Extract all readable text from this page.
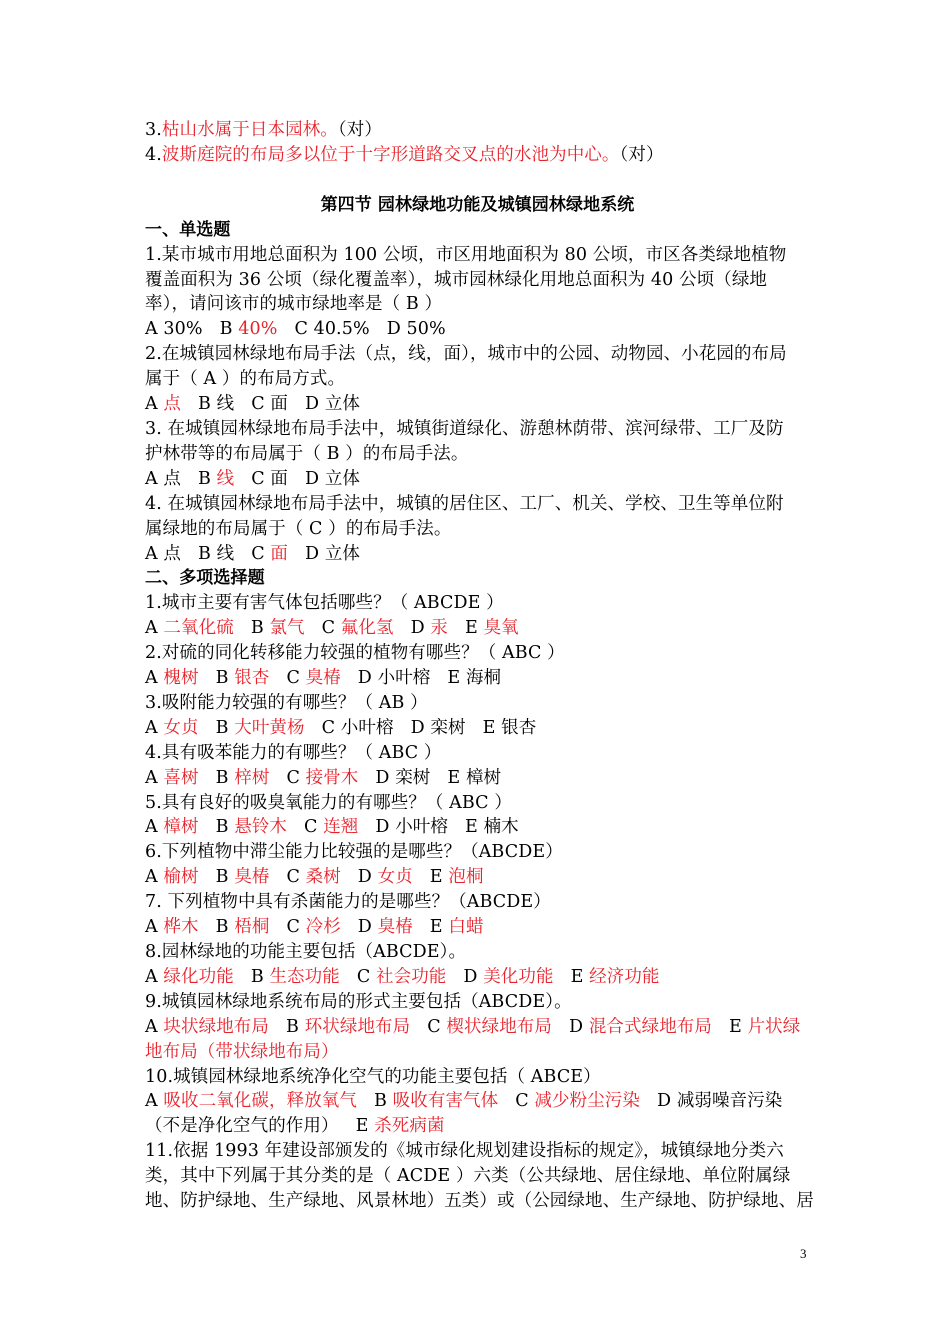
3.枯山水属于日本园林。（对）
4.波斯庭院的布局多以位于十字形道路交叉点的水池为中心。（对）
第四节 园林绿地功能及城镇园林绿地系统
一、单选题
1.某市城市用地总面积为 100 公顷，市区用地面积为 80 公顷，市区各类绿地植物
覆盖面积为 36 公顷（绿化覆盖率），城市园林绿化用地总面积为 40 公顷（绿地
率），请问该市的城市绿地率是（ B ）
A 30% B 40% C 40.5% D 50%
2.在城镇园林绿地布局手法（点，线，面），城市中的公园、动物园、小花园的布局
属于（ A ）的布局方式。
A 点 B 线 C 面 D 立体
3. 在城镇园林绿地布局手法中，城镇街道绿化、游憩林荫带、滨河绿带、工厂及防
护林带等的布局属于（ B ）的布局手法。
A 点 B 线 C 面 D 立体
4. 在城镇园林绿地布局手法中，城镇的居住区、工厂、机关、学校、卫生等单位附
属绿地的布局属于（ C ）的布局手法。
A 点 B 线 C 面 D 立体
二、多项选择题
1.城市主要有害气体包括哪些？（ ABCDE ）
A 二氧化硫 B 氯气 C 氟化氢 D 汞 E 臭氧
2.对硫的同化转移能力较强的植物有哪些？（ ABC ）
A 槐树 B 银杏 C 臭椿 D 小叶榕 E 海桐
3.吸附能力较强的有哪些？（ AB ）
A 女贞 B 大叶黄杨 C 小叶榕 D 栾树 E 银杏
4.具有吸苯能力的有哪些？（ ABC ）
A 喜树 B 梓树 C 接骨木 D 栾树 E 樟树
5.具有良好的吸臭氧能力的有哪些？（ ABC ）
A 樟树 B 悬铃木 C 连翘 D 小叶榕 E 楠木
6.下列植物中滞尘能力比较强的是哪些？（ABCDE）
A 榆树 B 臭椿 C 桑树 D 女贞 E 泡桐
7. 下列植物中具有杀菌能力的是哪些？（ABCDE）
A 桦木 B 梧桐 C 冷杉 D 臭椿 E 白蜡
8.园林绿地的功能主要包括（ABCDE）。
A 绿化功能 B 生态功能 C 社会功能 D 美化功能 E 经济功能
9.城镇园林绿地系统布局的形式主要包括（ABCDE）。
A 块状绿地布局 B 环状绿地布局 C 楔状绿地布局 D 混合式绿地布局 E 片状绿地布局（带状绿地布局）
10.城镇园林绿地系统净化空气的功能主要包括（ ABCE）
A 吸收二氧化碳，释放氧气 B 吸收有害气体 C 减少粉尘污染 D 减弱噪音污染（不是净化空气的作用） E 杀死病菌
11.依据 1993 年建设部颁发的《城市绿化规划建设指标的规定》，城镇绿地分类六
类，其中下列属于其分类的是（ ACDE ）六类（公共绿地、居住绿地、单位附属绿
地、防护绿地、生产绿地、风景林地）五类）或（公园绿地、生产绿地、防护绿地、居
3
